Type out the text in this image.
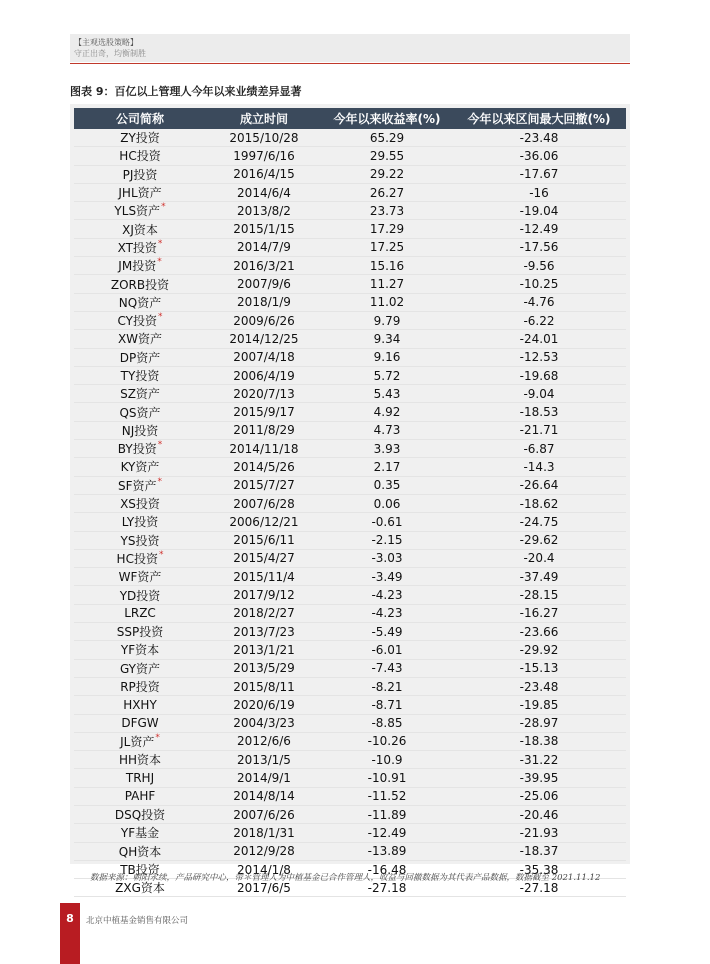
【主观选股策略】
守正出奇，均衡制胜
图表 9：百亿以上管理人今年以来业绩差异显著
公司简称	成立时间	今年以来收益率(%)	今年以来区间最大回撤(%)
ZY投资	2015/10/28	65.29	-23.48
HC投资	1997/6/16	29.55	-36.06
PJ投资	2016/4/15	29.22	-17.67
JHL资产	2014/6/4	26.27	-16
YLS资产*	2013/8/2	23.73	-19.04
XJ资本	2015/1/15	17.29	-12.49
XT投资*	2014/7/9	17.25	-17.56
JM投资*	2016/3/21	15.16	-9.56
ZORB投资	2007/9/6	11.27	-10.25
NQ资产	2018/1/9	11.02	-4.76
CY投资*	2009/6/26	9.79	-6.22
XW资产	2014/12/25	9.34	-24.01
DP资产	2007/4/18	9.16	-12.53
TY投资	2006/4/19	5.72	-19.68
SZ资产	2020/7/13	5.43	-9.04
QS资产	2015/9/17	4.92	-18.53
NJ投资	2011/8/29	4.73	-21.71
BY投资*	2014/11/18	3.93	-6.87
KY资产	2014/5/26	2.17	-14.3
SF资产*	2015/7/27	0.35	-26.64
XS投资	2007/6/28	0.06	-18.62
LY投资	2006/12/21	-0.61	-24.75
YS投资	2015/6/11	-2.15	-29.62
HC投资*	2015/4/27	-3.03	-20.4
WF资产	2015/11/4	-3.49	-37.49
YD投资	2017/9/12	-4.23	-28.15
LRZC	2018/2/27	-4.23	-16.27
SSP投资	2013/7/23	-5.49	-23.66
YF资本	2013/1/21	-6.01	-29.92
GY资产	2013/5/29	-7.43	-15.13
RP投资	2015/8/11	-8.21	-23.48
HXHY	2020/6/19	-8.71	-19.85
DFGW	2004/3/23	-8.85	-28.97
JL资产*	2012/6/6	-10.26	-18.38
HH资本	2013/1/5	-10.9	-31.22
TRHJ	2014/9/1	-10.91	-39.95
PAHF	2014/8/14	-11.52	-25.06
DSQ投资	2007/6/26	-11.89	-20.46
YF基金	2018/1/31	-12.49	-21.93
QH资本	2012/9/28	-13.89	-18.37
TB投资	2014/1/8	-16.48	-35.38
ZXG资本	2017/6/5	-27.18	-27.18
数据来源：朝阳永续，产品研究中心，带＊管理人为中植基金已合作管理人，收益与回撤数据为其代表产品数据，数据截至 2021.11.12
8	北京中植基金销售有限公司
